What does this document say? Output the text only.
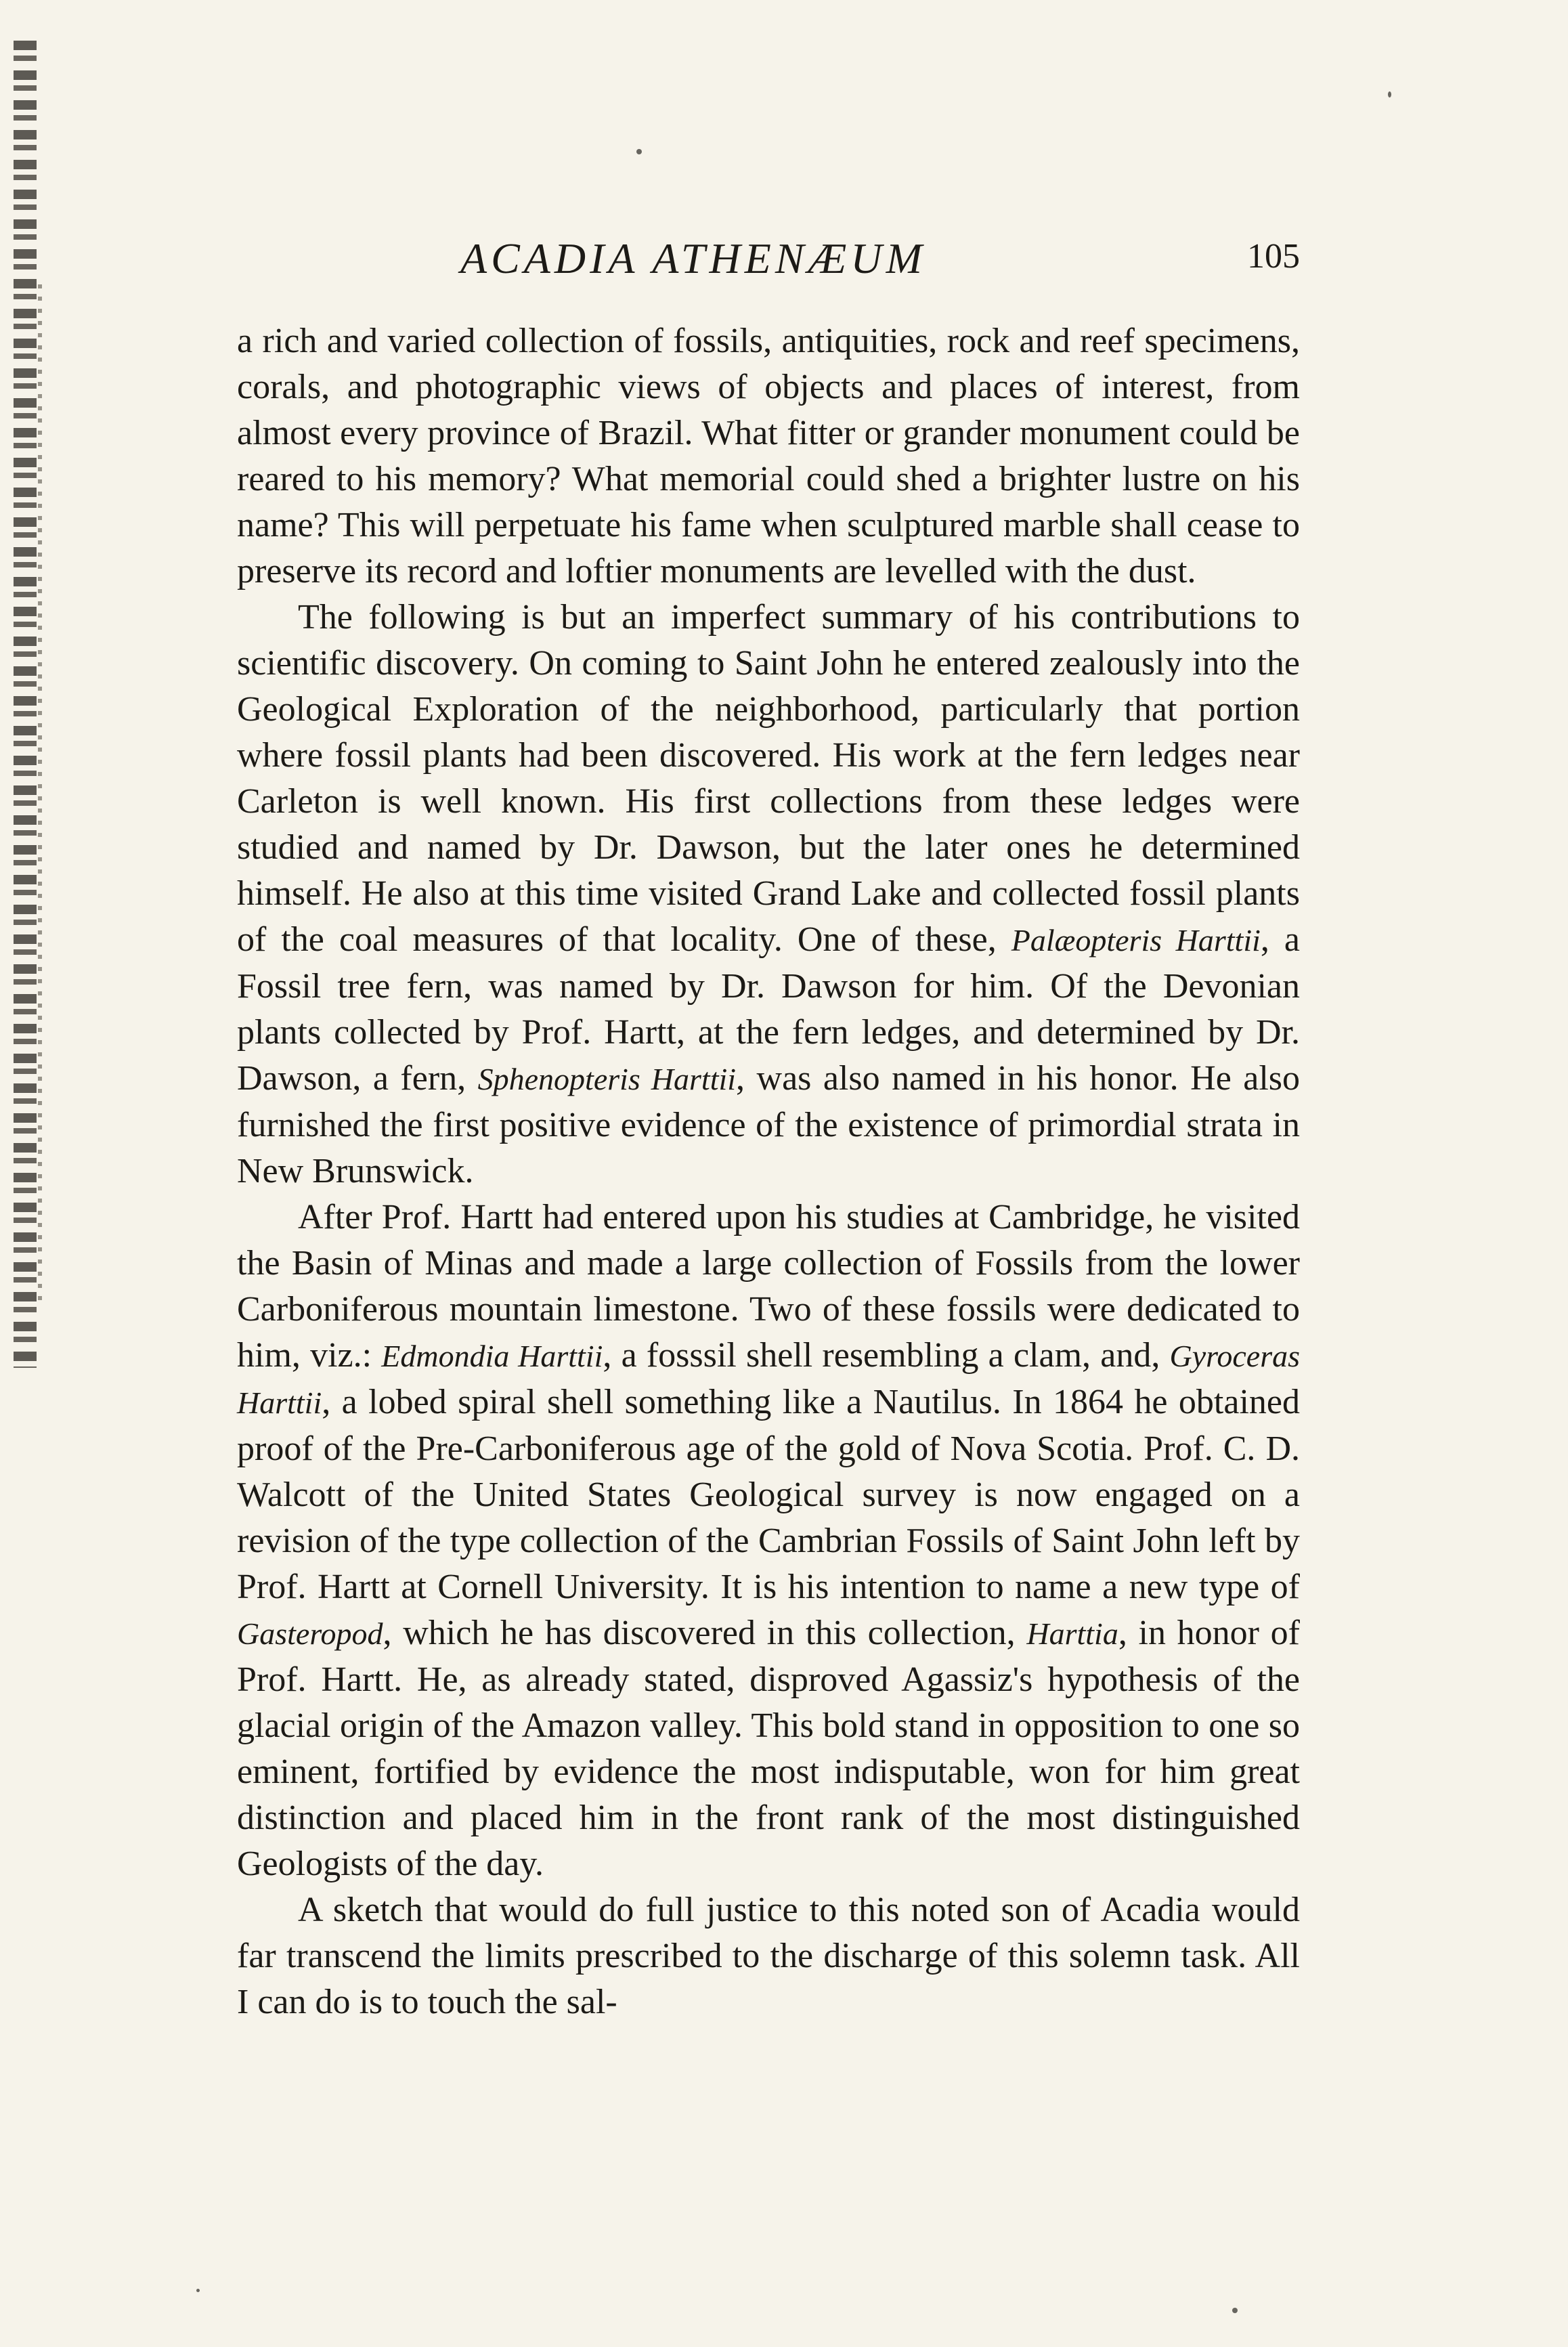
ACADIA ATHENÆUM	105

a rich and varied collection of fossils, antiquities, rock and reef specimens, corals, and photographic views of objects and places of interest, from almost every province of Brazil. What fitter or grander monument could be reared to his memory? What memorial could shed a brighter lustre on his name? This will perpetuate his fame when sculptured marble shall cease to preserve its record and loftier monuments are levelled with the dust.

The following is but an imperfect summary of his contributions to scientific discovery. On coming to Saint John he entered zealously into the Geological Exploration of the neighborhood, particularly that portion where fossil plants had been discovered. His work at the fern ledges near Carleton is well known. His first collections from these ledges were studied and named by Dr. Dawson, but the later ones he determined himself. He also at this time visited Grand Lake and collected fossil plants of the coal measures of that locality. One of these, Palæopteris Harttii, a Fossil tree fern, was named by Dr. Dawson for him. Of the Devonian plants collected by Prof. Hartt, at the fern ledges, and determined by Dr. Dawson, a fern, Sphenopteris Harttii, was also named in his honor. He also furnished the first positive evidence of the existence of primordial strata in New Brunswick.

After Prof. Hartt had entered upon his studies at Cambridge, he visited the Basin of Minas and made a large collection of Fossils from the lower Carboniferous mountain limestone. Two of these fossils were dedicated to him, viz.: Edmondia Harttii, a fosssil shell resembling a clam, and, Gyroceras Harttii, a lobed spiral shell something like a Nautilus. In 1864 he obtained proof of the Pre-Carboniferous age of the gold of Nova Scotia. Prof. C. D. Walcott of the United States Geological survey is now engaged on a revision of the type collection of the Cambrian Fossils of Saint John left by Prof. Hartt at Cornell University. It is his intention to name a new type of Gasteropod, which he has discovered in this collection, Harttia, in honor of Prof. Hartt. He, as already stated, disproved Agassiz's hypothesis of the glacial origin of the Amazon valley. This bold stand in opposition to one so eminent, fortified by evidence the most indisputable, won for him great distinction and placed him in the front rank of the most distinguished Geologists of the day.

A sketch that would do full justice to this noted son of Acadia would far transcend the limits prescribed to the discharge of this solemn task. All I can do is to touch the sal-
